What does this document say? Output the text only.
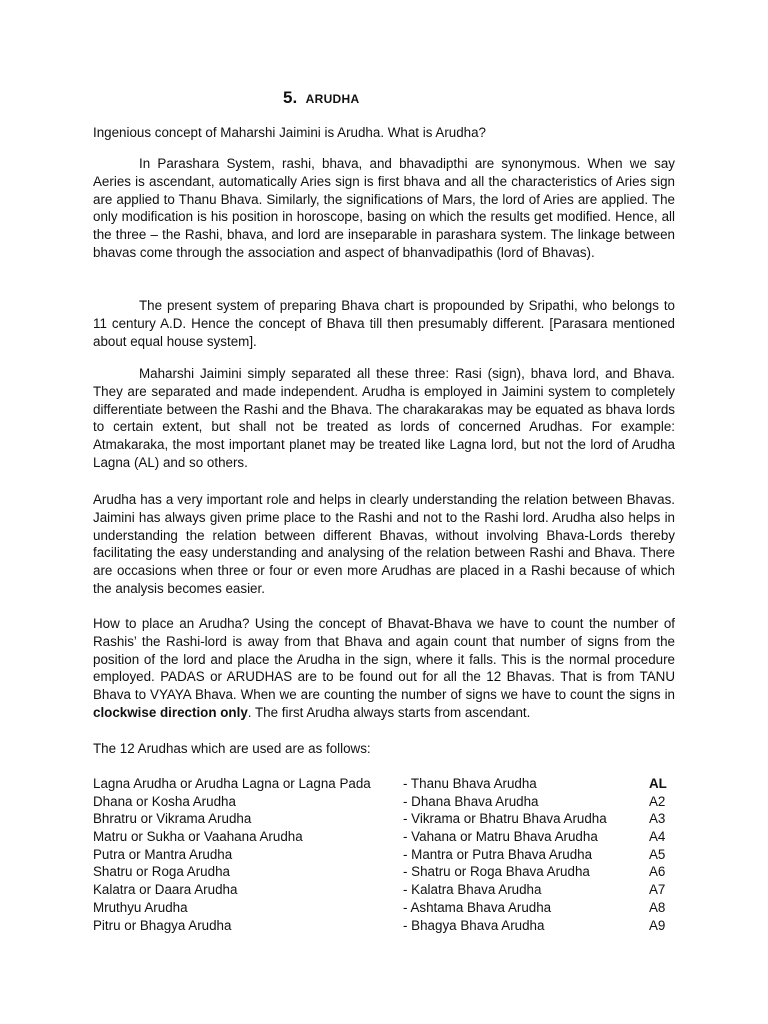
5. ARUDHA
Ingenious concept of Maharshi Jaimini is Arudha. What is Arudha?

In Parashara System, rashi, bhava, and bhavadipthi are synonymous. When we say Aeries is ascendant, automatically Aries sign is first bhava and all the characteristics of Aries sign are applied to Thanu Bhava. Similarly, the significations of Mars, the lord of Aries are applied. The only modification is his position in horoscope, basing on which the results get modified. Hence, all the three – the Rashi, bhava, and lord are inseparable in parashara system. The linkage between bhavas come through the association and aspect of bhanvadipathis (lord of Bhavas).

The present system of preparing Bhava chart is propounded by Sripathi, who belongs to 11 century A.D. Hence the concept of Bhava till then presumably different. [Parasara mentioned about equal house system].

Maharshi Jaimini simply separated all these three: Rasi (sign), bhava lord, and Bhava. They are separated and made independent. Arudha is employed in Jaimini system to completely differentiate between the Rashi and the Bhava. The charakarakas may be equated as bhava lords to certain extent, but shall not be treated as lords of concerned Arudhas. For example: Atmakaraka, the most important planet may be treated like Lagna lord, but not the lord of Arudha Lagna (AL) and so others.

Arudha has a very important role and helps in clearly understanding the relation between Bhavas. Jaimini has always given prime place to the Rashi and not to the Rashi lord. Arudha also helps in understanding the relation between different Bhavas, without involving Bhava-Lords thereby facilitating the easy understanding and analysing of the relation between Rashi and Bhava. There are occasions when three or four or even more Arudhas are placed in a Rashi because of which the analysis becomes easier.

How to place an Arudha? Using the concept of Bhavat-Bhava we have to count the number of Rashis’ the Rashi-lord is away from that Bhava and again count that number of signs from the position of the lord and place the Arudha in the sign, where it falls. This is the normal procedure employed. PADAS or ARUDHAS are to be found out for all the 12 Bhavas. That is from TANU Bhava to VYAYA Bhava. When we are counting the number of signs we have to count the signs in clockwise direction only. The first Arudha always starts from ascendant.

The 12 Arudhas which are used are as follows:
Lagna Arudha or Arudha Lagna or Lagna Pada - Thanu Bhava Arudha	AL
Dhana or Kosha Arudha	- Dhana Bhava Arudha	A2
Bhratru or Vikrama Arudha	- Vikrama or Bhatru Bhava Arudha	A3
Matru or Sukha or Vaahana Arudha	- Vahana or Matru Bhava Arudha	A4
Putra or Mantra Arudha	- Mantra or Putra Bhava Arudha	A5
Shatru or Roga Arudha	- Shatru or Roga Bhava Arudha	A6
Kalatra or Daara Arudha	- Kalatra Bhava Arudha	A7
Mruthyu Arudha	- Ashtama Bhava Arudha	A8
Pitru or Bhagya Arudha	- Bhagya Bhava Arudha	A9
